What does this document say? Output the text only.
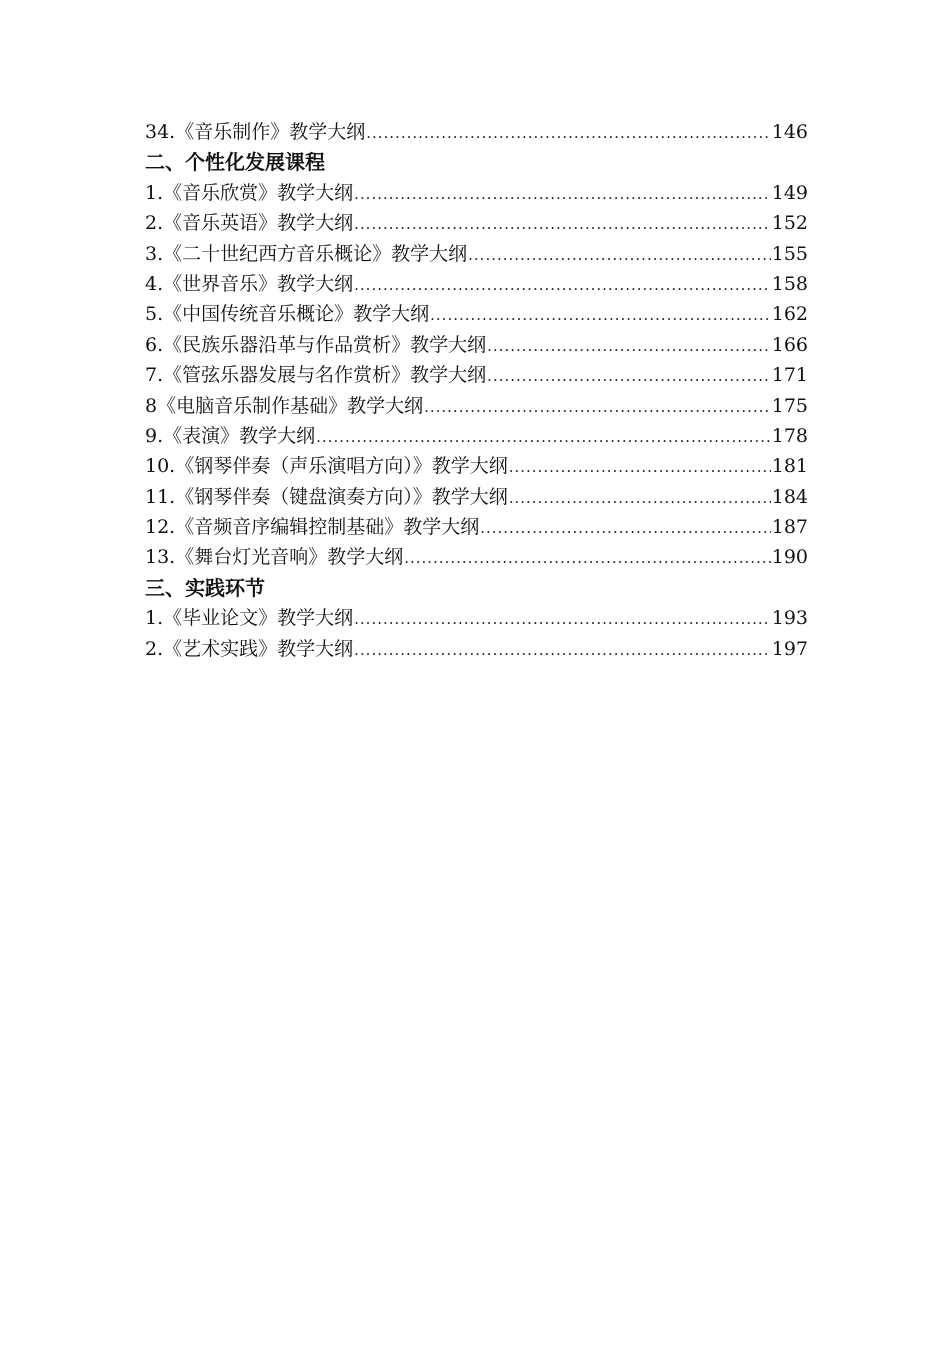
34.《音乐制作》教学大纲 .....	146
二、个性化发展课程
1.《音乐欣赏》教学大纲 .....	149
2.《音乐英语》教学大纲 .....	152
3.《二十世纪西方音乐概论》教学大纲 .....	155
4.《世界音乐》教学大纲 .....	158
5.《中国传统音乐概论》教学大纲 .....	162
6.《民族乐器沿革与作品赏析》教学大纲 .....	166
7.《管弦乐器发展与名作赏析》教学大纲 .....	171
8《电脑音乐制作基础》教学大纲 .....	175
9.《表演》教学大纲 .....	178
10.《钢琴伴奏（声乐演唱方向）》教学大纲 .....	181
11.《钢琴伴奏（键盘演奏方向）》教学大纲 .....	184
12.《音频音序编辑控制基础》教学大纲 .....	187
13.《舞台灯光音响》教学大纲 .....	190
三、实践环节
1.《毕业论文》教学大纲 .....	193
2.《艺术实践》教学大纲 .....	197
